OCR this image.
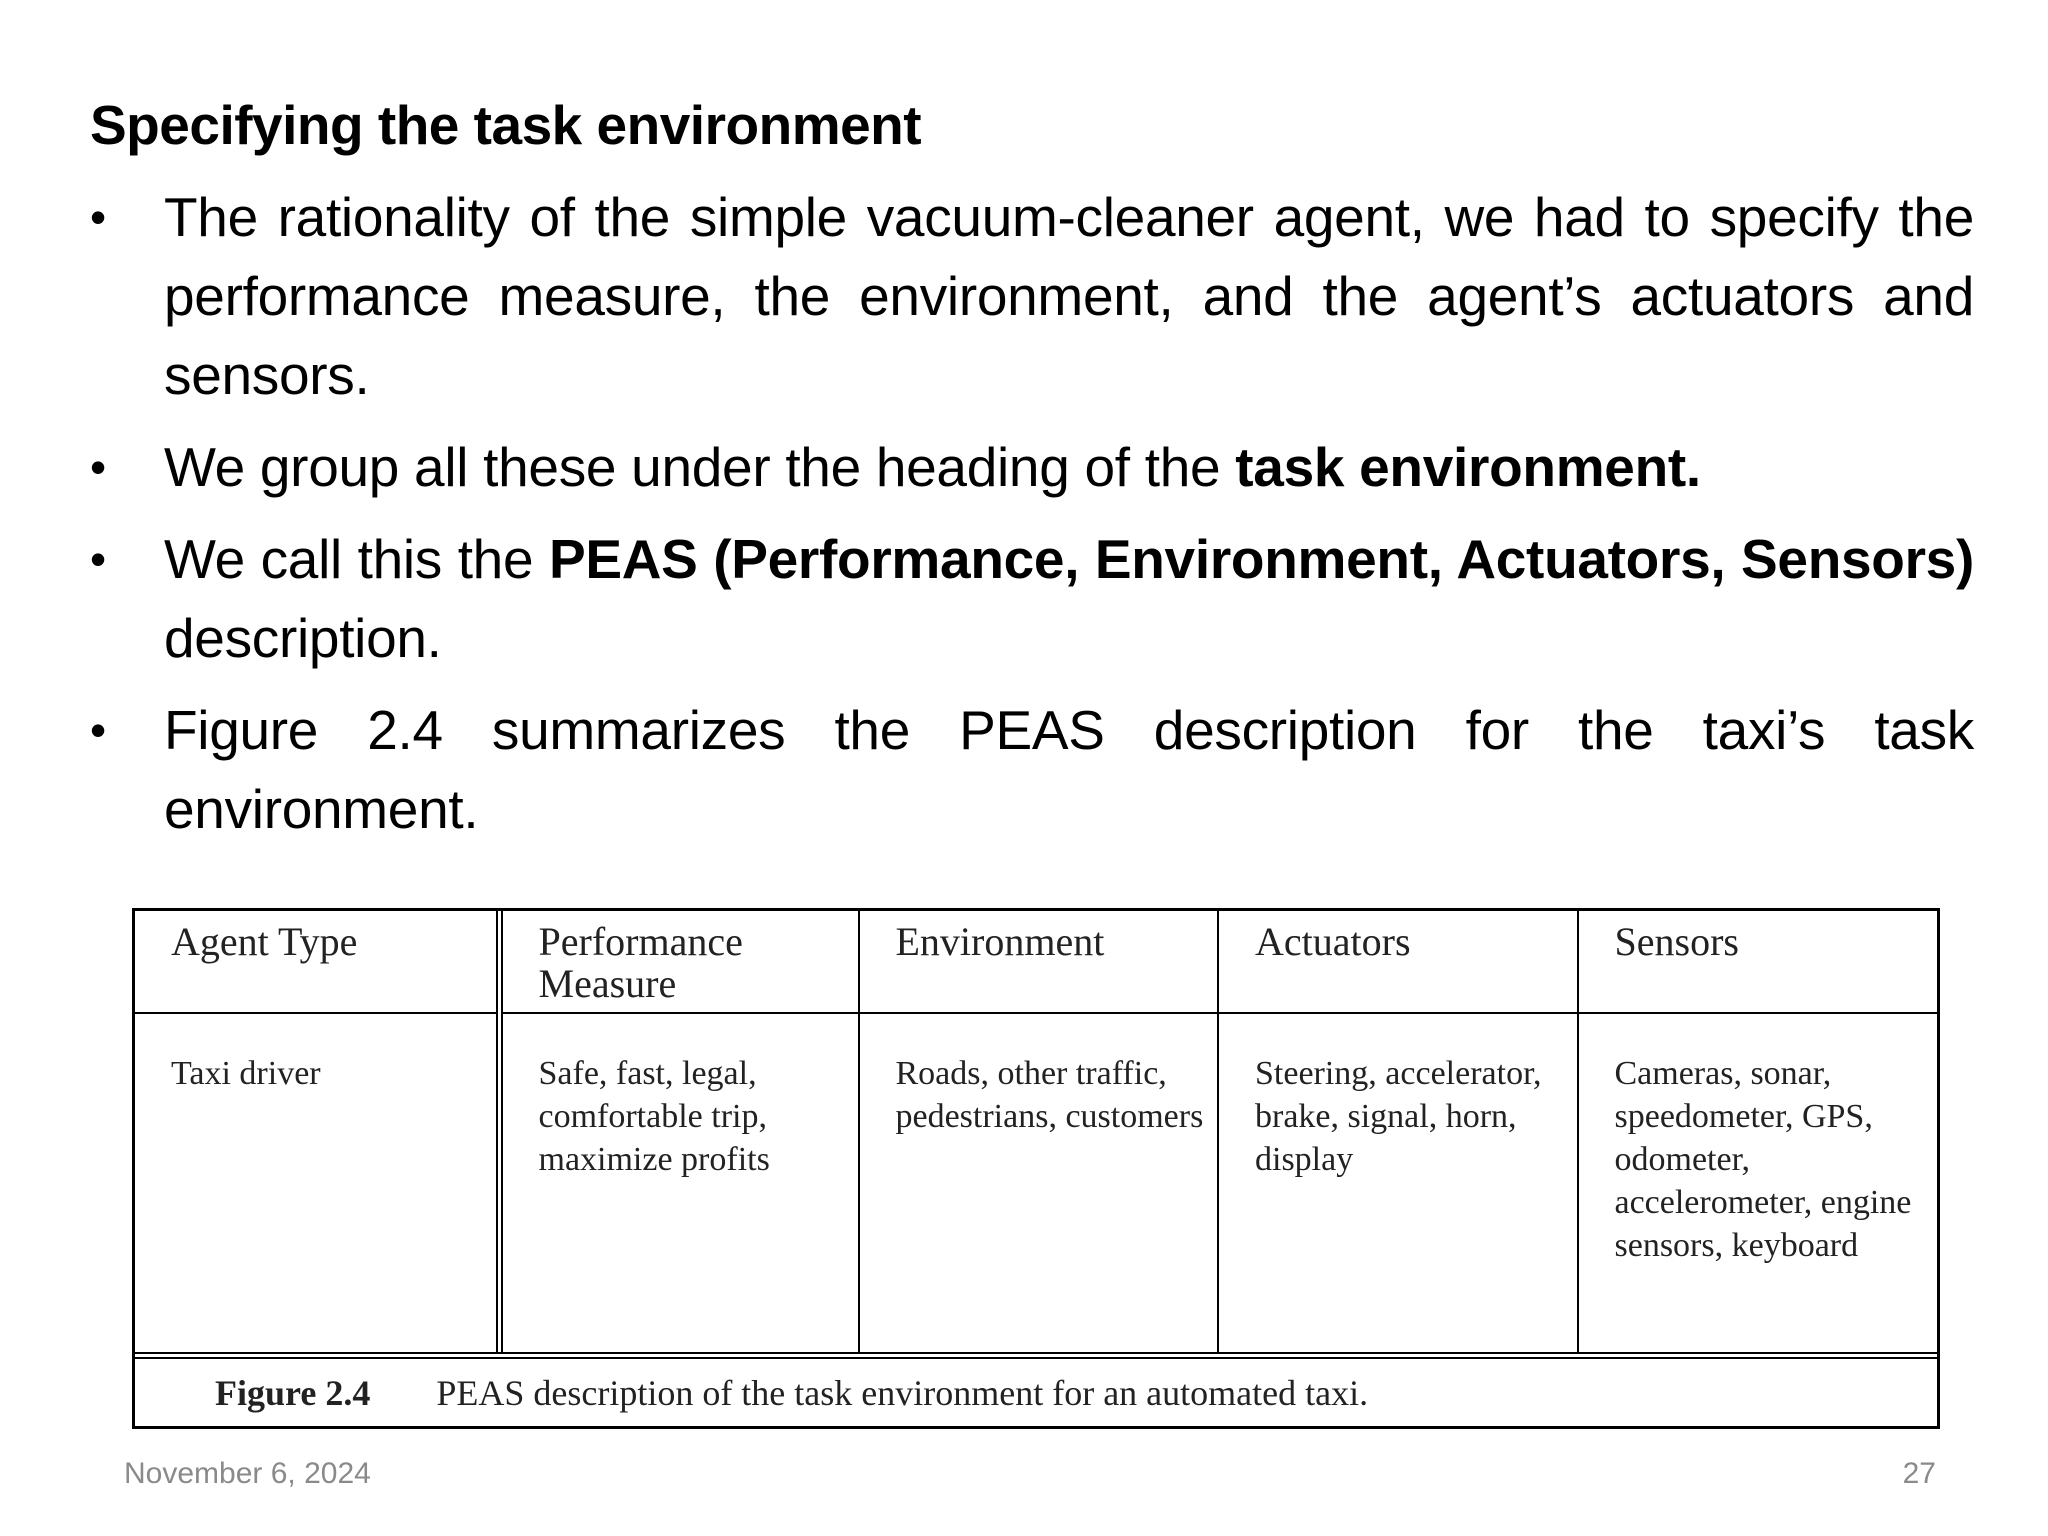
Specifying the task environment
• The rationality of the simple vacuum-cleaner agent, we had to specify the performance measure, the environment, and the agent’s actuators and sensors.
• We group all these under the heading of the task environment.
• We call this the PEAS (Performance, Environment, Actuators, Sensors) description.
• Figure 2.4 summarizes the PEAS description for the taxi’s task environment.
Agent Type	Performance Measure	Environment	Actuators	Sensors
Taxi driver	Safe, fast, legal, comfortable trip, maximize profits	Roads, other traffic, pedestrians, customers	Steering, accelerator, brake, signal, horn, display	Cameras, sonar, speedometer, GPS, odometer, accelerometer, engine sensors, keyboard
Figure 2.4 PEAS description of the task environment for an automated taxi.
November 6, 2024	27
